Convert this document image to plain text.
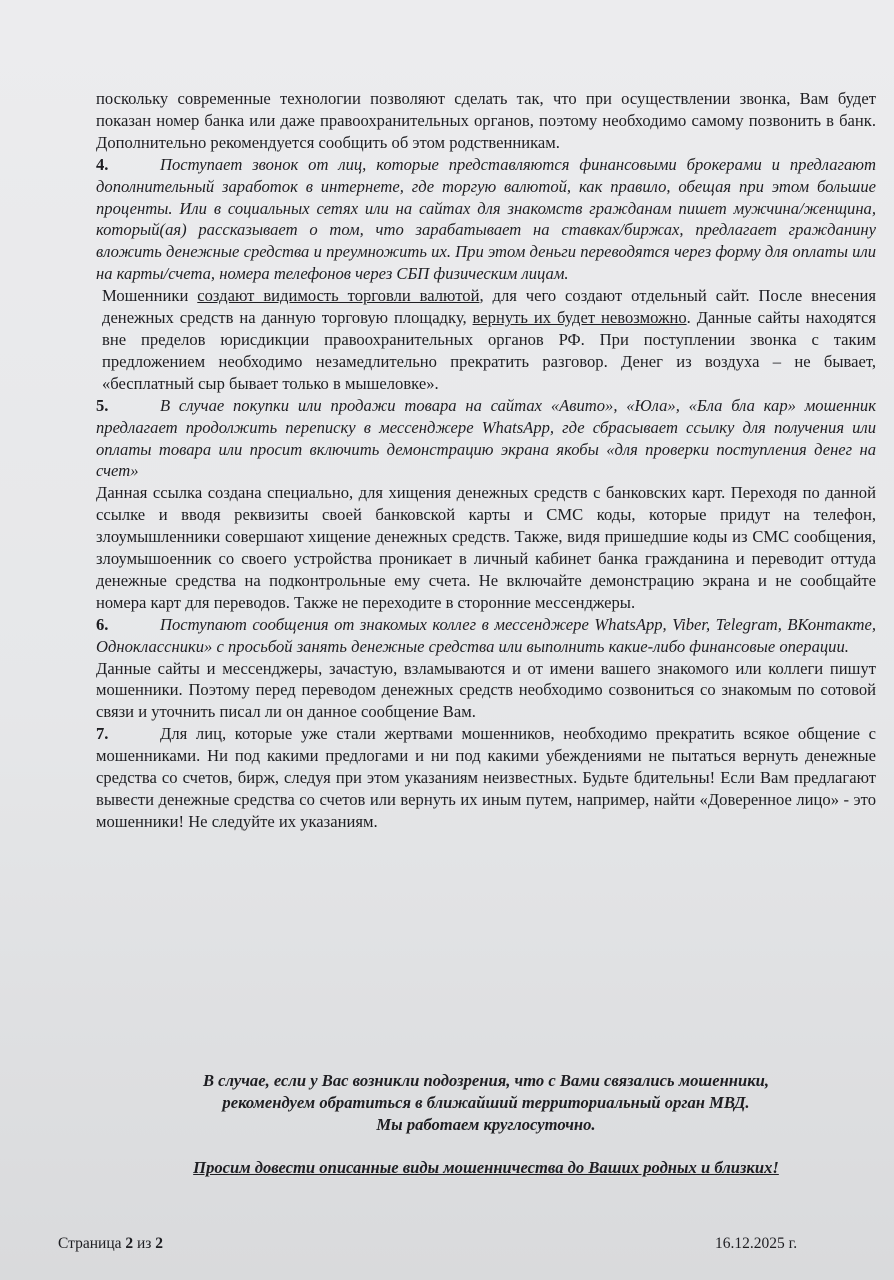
поскольку современные технологии позволяют сделать так, что при осуществлении звонка, Вам будет показан номер банка или даже правоохранительных органов, поэтому необходимо самому позвонить в банк. Дополнительно рекомендуется сообщить об этом родственникам.

4.	Поступает звонок от лиц, которые представляются финансовыми брокерами и предлагают дополнительный заработок в интернете, где торгую валютой, как правило, обещая при этом большие проценты. Или в социальных сетях или на сайтах для знакомств гражданам пишет мужчина/женщина, который(ая) рассказывает о том, что зарабатывает на ставках/биржах, предлагает гражданину вложить денежные средства и преумножить их. При этом деньги переводятся через форму для оплаты или на карты/счета, номера телефонов через СБП физическим лицам.

Мошенники создают видимость торговли валютой, для чего создают отдельный сайт. После внесения денежных средств на данную торговую площадку, вернуть их будет невозможно. Данные сайты находятся вне пределов юрисдикции правоохранительных органов РФ. При поступлении звонка с таким предложением необходимо незамедлительно прекратить разговор. Денег из воздуха – не бывает, «бесплатный сыр бывает только в мышеловке».

5.	В случае покупки или продажи товара на сайтах «Авито», «Юла», «Бла бла кар» мошенник предлагает продолжить переписку в мессенджере WhatsApp, где сбрасывает ссылку для получения или оплаты товара или просит включить демонстрацию экрана якобы «для проверки поступления денег на счет»

Данная ссылка создана специально, для хищения денежных средств с банковских карт. Переходя по данной ссылке и вводя реквизиты своей банковской карты и СМС коды, которые придут на телефон, злоумышленники совершают хищение денежных средств. Также, видя пришедшие коды из СМС сообщения, злоумышоенник со своего устройства проникает в личный кабинет банка гражданина и переводит оттуда денежные средства на подконтрольные ему счета. Не включайте демонстрацию экрана и не сообщайте номера карт для переводов. Также не переходите в сторонние мессенджеры.

6.	Поступают сообщения от знакомых коллег в мессенджере WhatsApp, Viber, Telegram, ВКонтакте, Одноклассники» с просьбой занять денежные средства или выполнить какие-либо финансовые операции.

Данные сайты и мессенджеры, зачастую, взламываются и от имени вашего знакомого или коллеги пишут мошенники. Поэтому перед переводом денежных средств необходимо созвониться со знакомым по сотовой связи и уточнить писал ли он данное сообщение Вам.

7.	Для лиц, которые уже стали жертвами мошенников, необходимо прекратить всякое общение с мошенниками. Ни под какими предлогами и ни под какими убеждениями не пытаться вернуть денежные средства со счетов, бирж, следуя при этом указаниям неизвестных. Будьте бдительны! Если Вам предлагают вывести денежные средства со счетов или вернуть их иным путем, например, найти «Доверенное лицо» - это мошенники! Не следуйте их указаниям.

В случае, если у Вас возникли подозрения, что с Вами связались мошенники,
рекомендуем обратиться в ближайший территориальный орган МВД.
Мы работаем круглосуточно.
Просим довести описанные виды мошенничества до Ваших родных и близких!
Страница 2 из 2	16.12.2025 г.
